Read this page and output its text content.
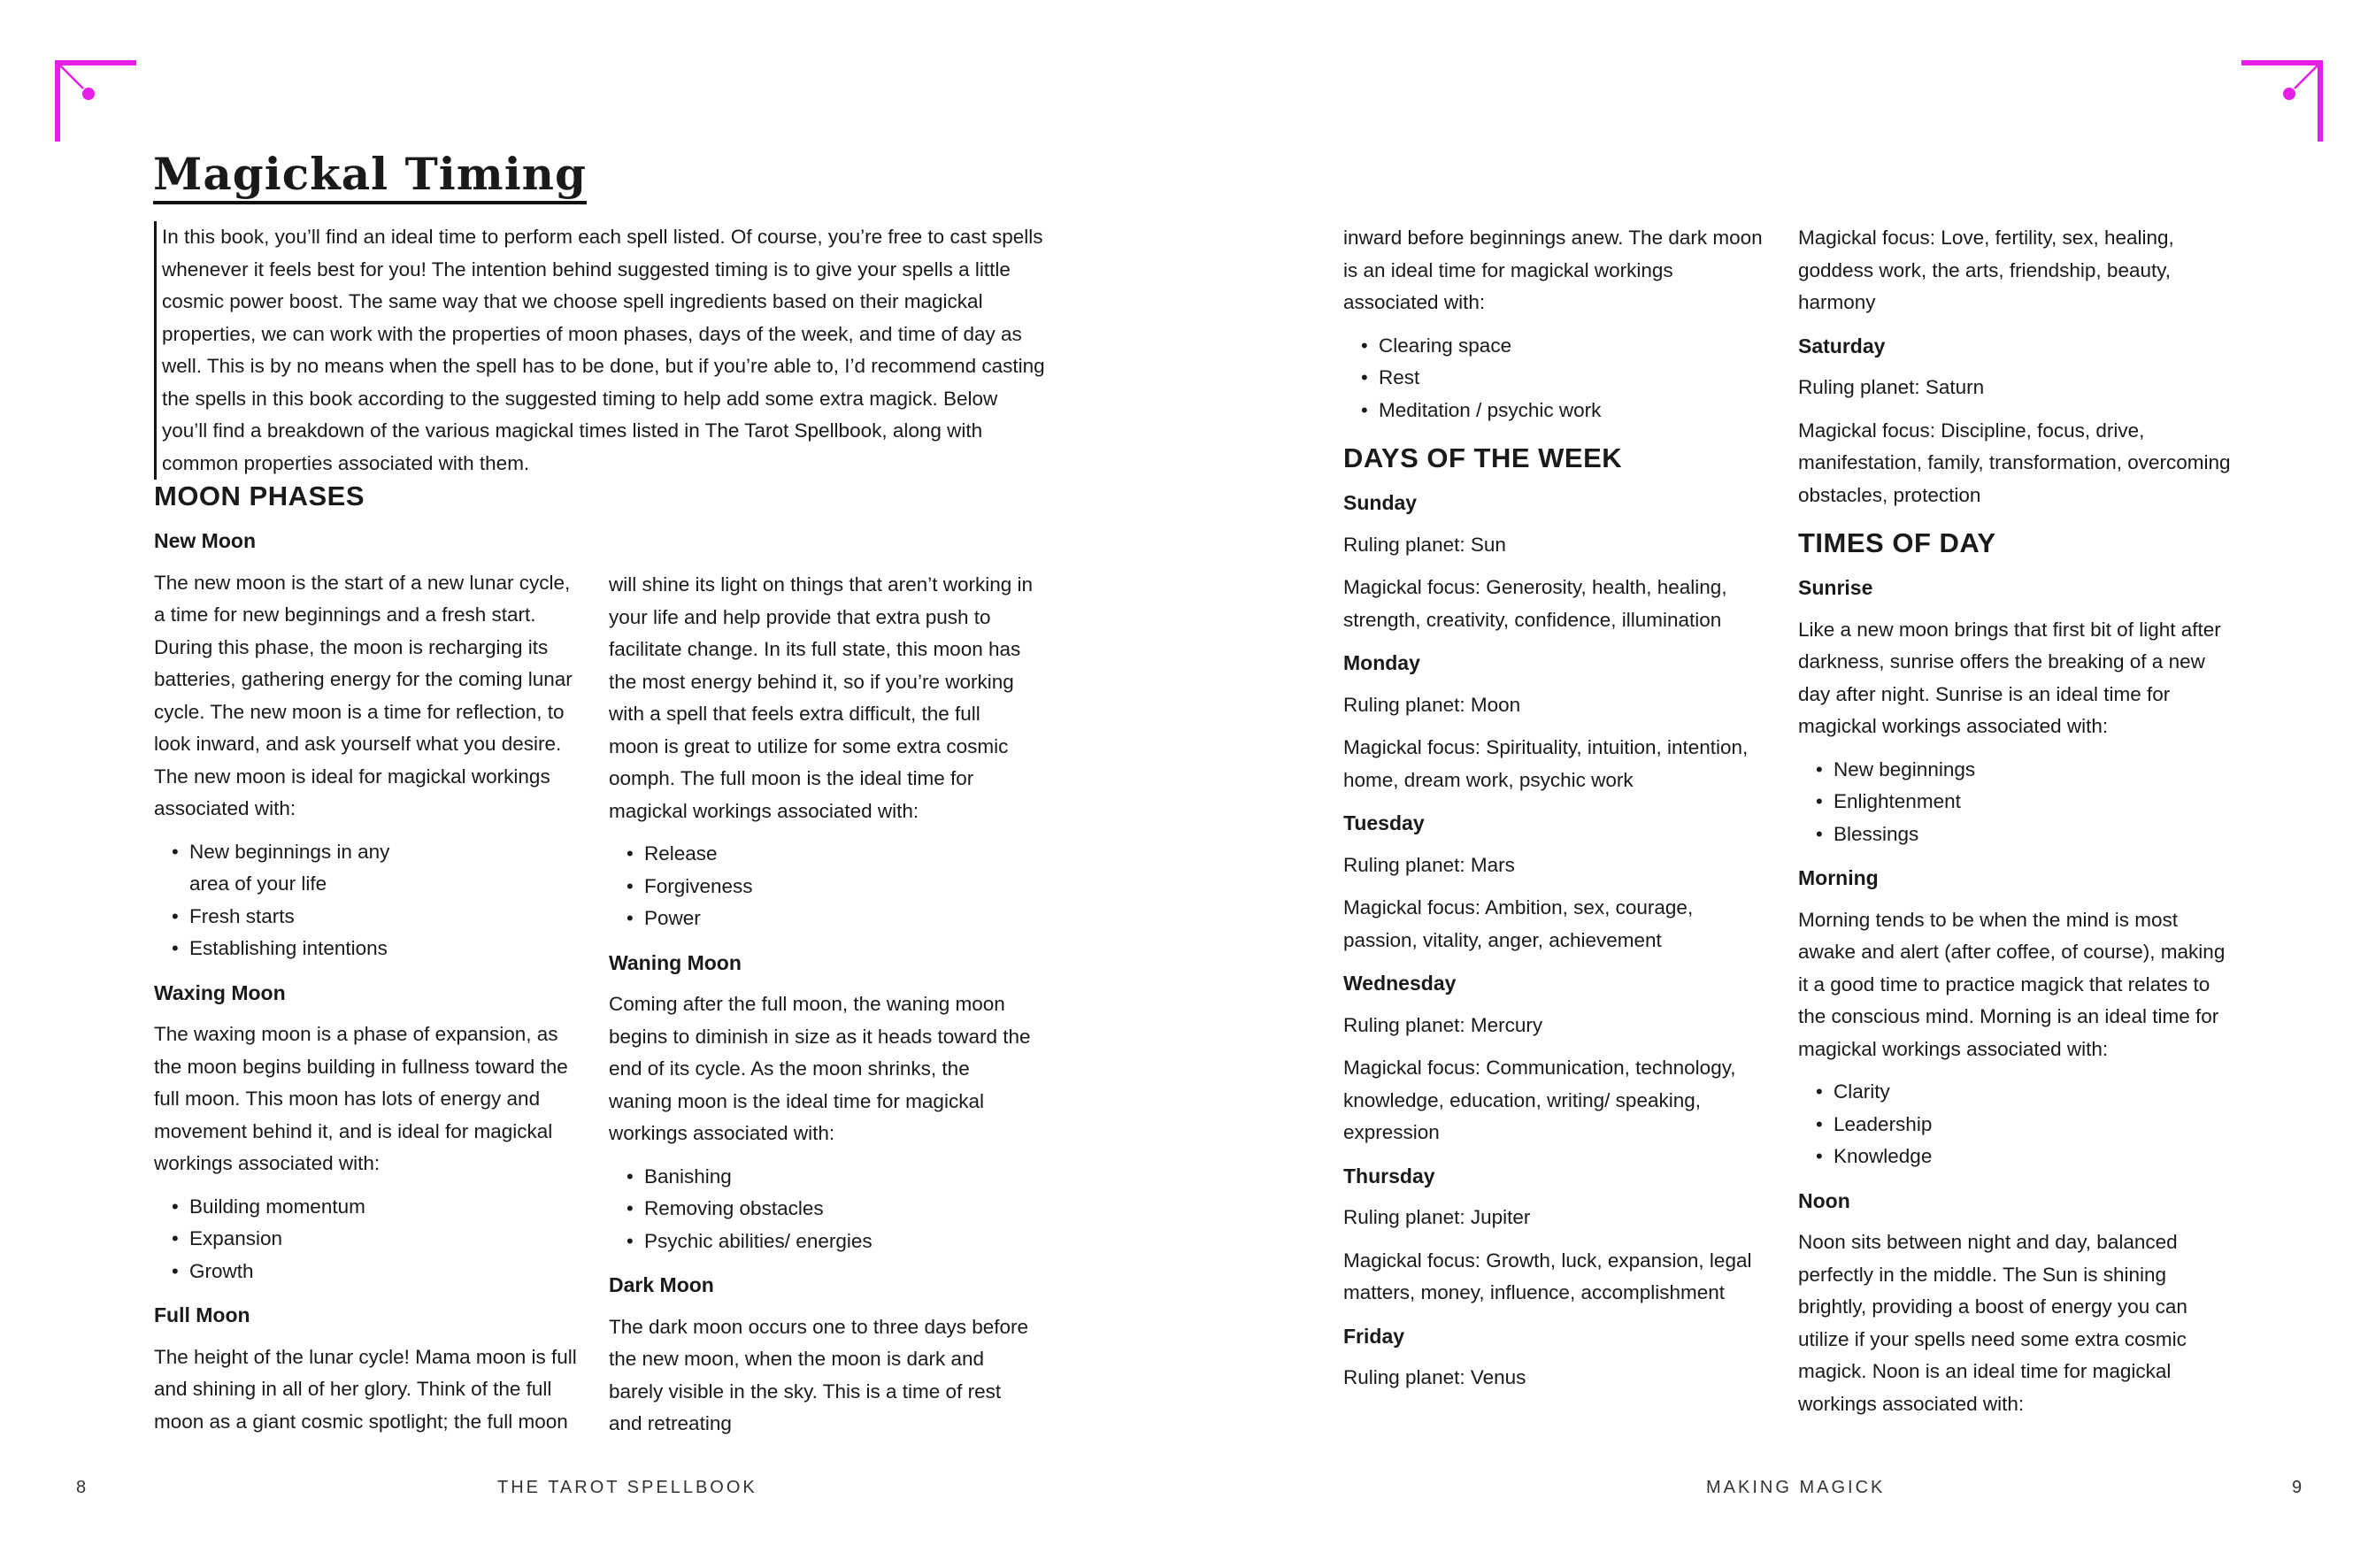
Magickal Timing

In this book, you’ll find an ideal time to perform each spell listed. Of course, you’re free to cast spells whenever it feels best for you! The intention behind suggested timing is to give your spells a little cosmic power boost. The same way that we choose spell ingredients based on their magickal properties, we can work with the properties of moon phases, days of the week, and time of day as well. This is by no means when the spell has to be done, but if you’re able to, I’d recommend casting the spells in this book according to the suggested timing to help add some extra magick. Below you’ll find a breakdown of the various magickal times listed in The Tarot Spellbook, along with common properties associated with them.

MOON PHASES
New Moon

The new moon is the start of a new lunar cycle, a time for new beginnings and a fresh start. During this phase, the moon is recharging its batteries, gathering energy for the coming lunar cycle. The new moon is a time for reflection, to look inward, and ask yourself what you desire. The new moon is ideal for magickal workings associated with:

• New beginnings in any area of your life
• Fresh starts
• Establishing intentions
Waxing Moon

The waxing moon is a phase of expansion, as the moon begins building in fullness toward the full moon. This moon has lots of energy and movement behind it, and is ideal for magickal workings associated with:

• Building momentum
• Expansion
• Growth
Full Moon

The height of the lunar cycle! Mama moon is full and shining in all of her glory. Think of the full moon as a giant cosmic spotlight; the full moon

will shine its light on things that aren’t working in your life and help provide that extra push to facilitate change. In its full state, this moon has the most energy behind it, so if you’re working with a spell that feels extra difficult, the full moon is great to utilize for some extra cosmic oomph. The full moon is the ideal time for magickal workings associated with:

• Release
• Forgiveness
• Power
Waning Moon

Coming after the full moon, the waning moon begins to diminish in size as it heads toward the end of its cycle. As the moon shrinks, the waning moon is the ideal time for magickal workings associated with:

• Banishing
• Removing obstacles
• Psychic abilities/ energies
Dark Moon

The dark moon occurs one to three days before the new moon, when the moon is dark and barely visible in the sky. This is a time of rest and retreating

inward before beginnings anew. The dark moon is an ideal time for magickal workings associated with:

• Clearing space
• Rest
• Meditation / psychic work
DAYS OF THE WEEK
Sunday

Ruling planet: Sun

Magickal focus: Generosity, health, healing, strength, creativity, confidence, illumination

Monday

Ruling planet: Moon

Magickal focus: Spirituality, intuition, intention, home, dream work, psychic work

Tuesday

Ruling planet: Mars

Magickal focus: Ambition, sex, courage, passion, vitality, anger, achievement

Wednesday

Ruling planet: Mercury

Magickal focus: Communication, technology, knowledge, education, writing/ speaking, expression

Thursday

Ruling planet: Jupiter

Magickal focus: Growth, luck, expansion, legal matters, money, influence, accomplishment

Friday

Ruling planet: Venus

Magickal focus: Love, fertility, sex, healing, goddess work, the arts, friendship, beauty, harmony

Saturday

Ruling planet: Saturn

Magickal focus: Discipline, focus, drive, manifestation, family, transformation, overcoming obstacles, protection

TIMES OF DAY
Sunrise

Like a new moon brings that first bit of light after darkness, sunrise offers the breaking of a new day after night. Sunrise is an ideal time for magickal workings associated with:

• New beginnings
• Enlightenment
• Blessings
Morning

Morning tends to be when the mind is most awake and alert (after coffee, of course), making it a good time to practice magick that relates to the conscious mind. Morning is an ideal time for magickal workings associated with:

• Clarity
• Leadership
• Knowledge
Noon

Noon sits between night and day, balanced perfectly in the middle. The Sun is shining brightly, providing a boost of energy you can utilize if your spells need some extra cosmic magick. Noon is an ideal time for magickal workings associated with:

8	THE TAROT SPELLBOOK	MAKING MAGICK	9
